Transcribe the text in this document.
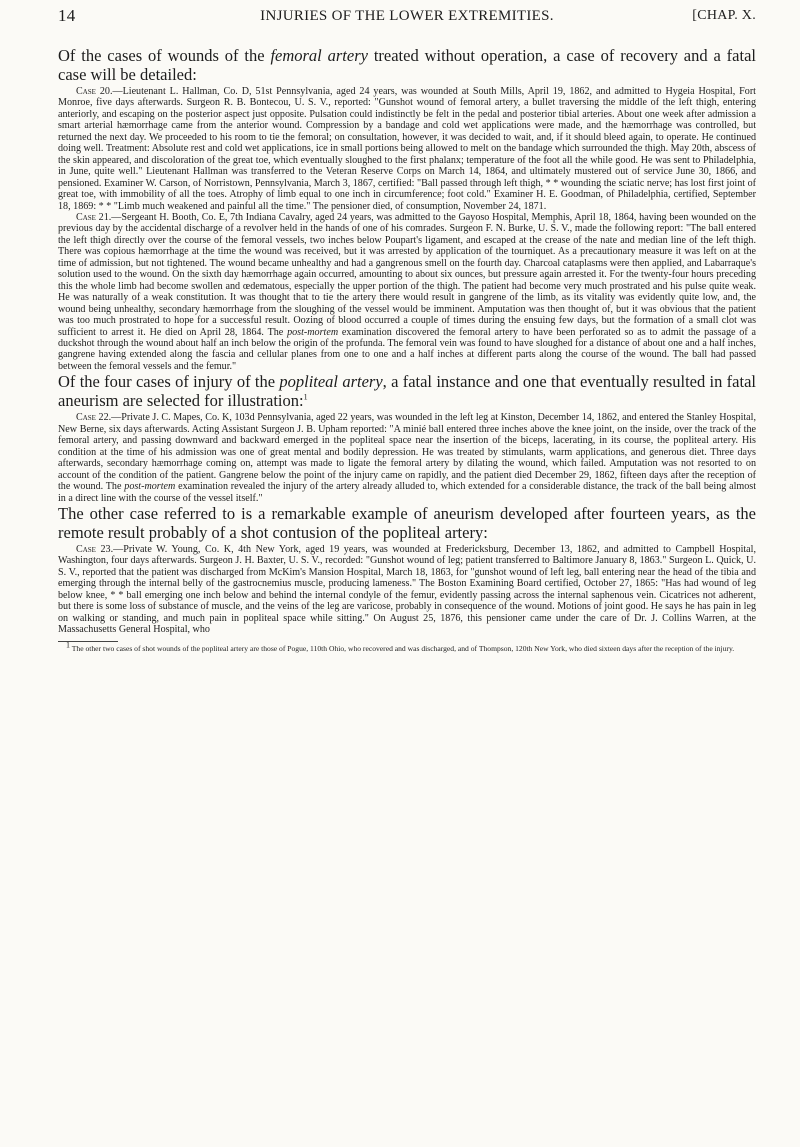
14	INJURIES OF THE LOWER EXTREMITIES.	[CHAP. X.

Of the cases of wounds of the femoral artery treated without operation, a case of recovery and a fatal case will be detailed:

Case 20.—Lieutenant L. Hallman, Co. D, 51st Pennsylvania, aged 24 years, was wounded at South Mills, April 19, 1862, and admitted to Hygeia Hospital, Fort Monroe, five days afterwards. Surgeon R. B. Bontecou, U. S. V., reported: "Gunshot wound of femoral artery, a bullet traversing the middle of the left thigh, entering anteriorly, and escaping on the posterior aspect just opposite. Pulsation could indistinctly be felt in the pedal and posterior tibial arteries. About one week after admission a smart arterial hæmorrhage came from the anterior wound. Compression by a bandage and cold wet applications were made, and the hæmorrhage was controlled, but returned the next day. We proceeded to his room to tie the femoral; on consultation, however, it was decided to wait, and, if it should bleed again, to operate. He continued doing well. Treatment: Absolute rest and cold wet applications, ice in small portions being allowed to melt on the bandage which surrounded the thigh. May 20th, abscess of the skin appeared, and discoloration of the great toe, which eventually sloughed to the first phalanx; temperature of the foot all the while good. He was sent to Philadelphia, in June, quite well." Lieutenant Hallman was transferred to the Veteran Reserve Corps on March 14, 1864, and ultimately mustered out of service June 30, 1866, and pensioned. Examiner W. Carson, of Norristown, Pennsylvania, March 3, 1867, certified: "Ball passed through left thigh, * * wounding the sciatic nerve; has lost first joint of great toe, with immobility of all the toes. Atrophy of limb equal to one inch in circumference; foot cold." Examiner H. E. Goodman, of Philadelphia, certified, September 18, 1869: * * "Limb much weakened and painful all the time." The pensioner died, of consumption, November 24, 1871.

Case 21.—Sergeant H. Booth, Co. E, 7th Indiana Cavalry, aged 24 years, was admitted to the Gayoso Hospital, Memphis, April 18, 1864, having been wounded on the previous day by the accidental discharge of a revolver held in the hands of one of his comrades. Surgeon F. N. Burke, U. S. V., made the following report: "The ball entered the left thigh directly over the course of the femoral vessels, two inches below Poupart's ligament, and escaped at the crease of the nate and median line of the left thigh. There was copious hæmorrhage at the time the wound was received, but it was arrested by application of the tourniquet. As a precautionary measure it was left on at the time of admission, but not tightened. The wound became unhealthy and had a gangrenous smell on the fourth day. Charcoal cataplasms were then applied, and Labarraque's solution used to the wound. On the sixth day hæmorrhage again occurred, amounting to about six ounces, but pressure again arrested it. For the twenty-four hours preceding this the whole limb had become swollen and œdematous, especially the upper portion of the thigh. The patient had become very much prostrated and his pulse quite weak. He was naturally of a weak constitution. It was thought that to tie the artery there would result in gangrene of the limb, as its vitality was evidently quite low, and, the wound being unhealthy, secondary hæmorrhage from the sloughing of the vessel would be imminent. Amputation was then thought of, but it was obvious that the patient was too much prostrated to hope for a successful result. Oozing of blood occurred a couple of times during the ensuing few days, but the formation of a small clot was sufficient to arrest it. He died on April 28, 1864. The post-mortem examination discovered the femoral artery to have been perforated so as to admit the passage of a duckshot through the wound about half an inch below the origin of the profunda. The femoral vein was found to have sloughed for a distance of about one and a half inches, gangrene having extended along the fascia and cellular planes from one to one and a half inches at different parts along the course of the wound. The ball had passed between the femoral vessels and the femur."

Of the four cases of injury of the popliteal artery, a fatal instance and one that eventually resulted in fatal aneurism are selected for illustration:$^1$

Case 22.—Private J. C. Mapes, Co. K, 103d Pennsylvania, aged 22 years, was wounded in the left leg at Kinston, December 14, 1862, and entered the Stanley Hospital, New Berne, six days afterwards. Acting Assistant Surgeon J. B. Upham reported: "A minié ball entered three inches above the knee joint, on the inside, over the track of the femoral artery, and passing downward and backward emerged in the popliteal space near the insertion of the biceps, lacerating, in its course, the popliteal artery. His condition at the time of his admission was one of great mental and bodily depression. He was treated by stimulants, warm applications, and generous diet. Three days afterwards, secondary hæmorrhage coming on, attempt was made to ligate the femoral artery by dilating the wound, which failed. Amputation was not resorted to on account of the condition of the patient. Gangrene below the point of the injury came on rapidly, and the patient died December 29, 1862, fifteen days after the reception of the wound. The post-mortem examination revealed the injury of the artery already alluded to, which extended for a considerable distance, the track of the ball being almost in a direct line with the course of the vessel itself."

The other case referred to is a remarkable example of aneurism developed after fourteen years, as the remote result probably of a shot contusion of the popliteal artery:

Case 23.—Private W. Young, Co. K, 4th New York, aged 19 years, was wounded at Fredericksburg, December 13, 1862, and admitted to Campbell Hospital, Washington, four days afterwards. Surgeon J. H. Baxter, U. S. V., recorded: "Gunshot wound of leg; patient transferred to Baltimore January 8, 1863." Surgeon L. Quick, U. S. V., reported that the patient was discharged from McKim's Mansion Hospital, March 18, 1863, for "gunshot wound of left leg, ball entering near the head of the tibia and emerging through the internal belly of the gastrocnemius muscle, producing lameness." The Boston Examining Board certified, October 27, 1865: "Has had wound of leg below knee, * * ball emerging one inch below and behind the internal condyle of the femur, evidently passing across the internal saphenous vein. Cicatrices not adherent, but there is some loss of substance of muscle, and the veins of the leg are varicose, probably in consequence of the wound. Motions of joint good. He says he has pain in leg on walking or standing, and much pain in popliteal space while sitting." On August 25, 1876, this pensioner came under the care of Dr. J. Collins Warren, at the Massachusetts General Hospital, who

$^1$ The other two cases of shot wounds of the popliteal artery are those of Pogue, 110th Ohio, who recovered and was discharged, and of Thompson, 120th New York, who died sixteen days after the reception of the injury.
